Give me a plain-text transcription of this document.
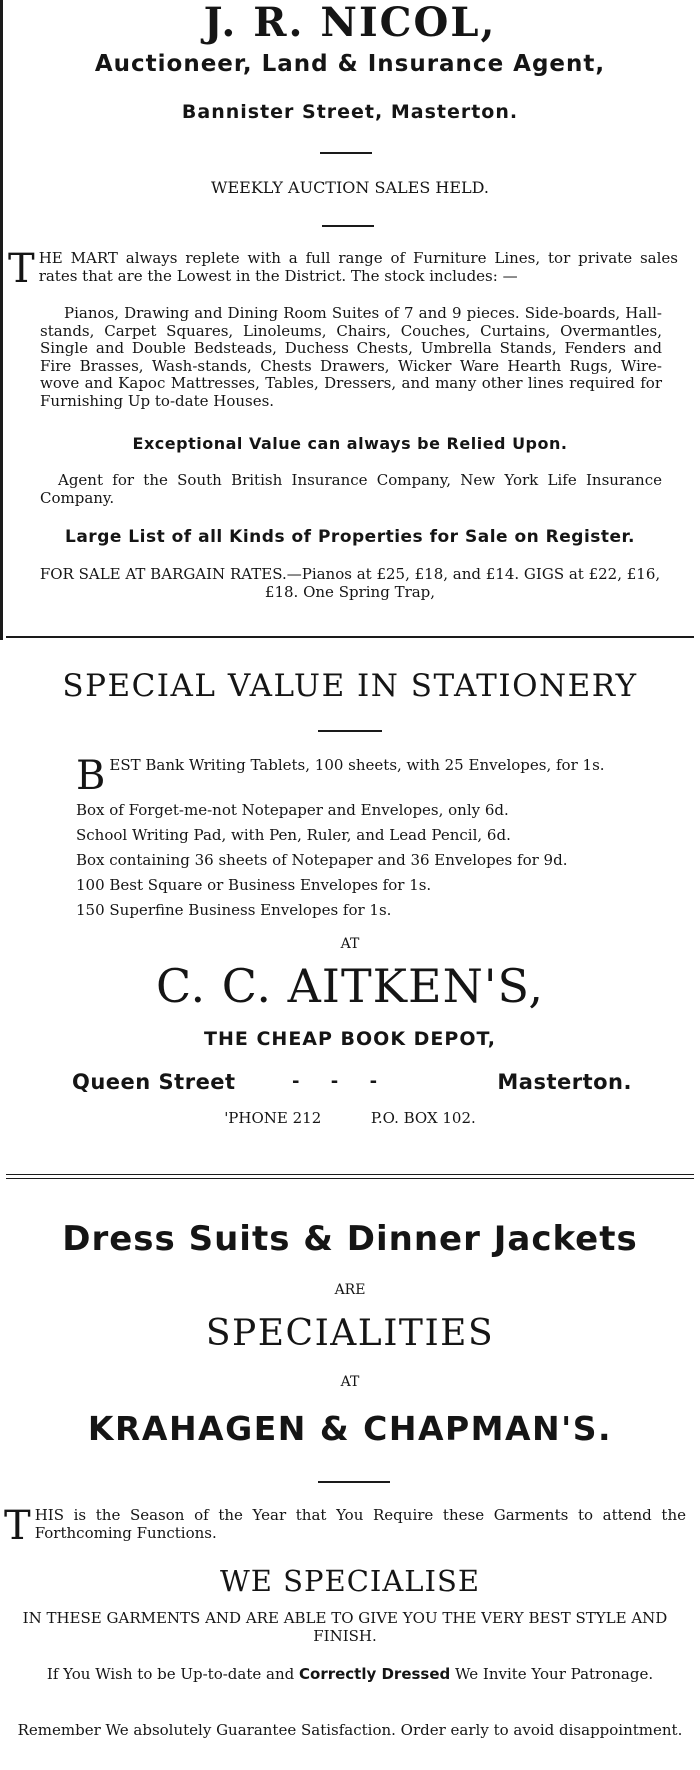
J. R. NICOL,
Auctioneer, Land & Insurance Agent,
Bannister Street, Masterton.
WEEKLY AUCTION SALES HELD.
THE MART always replete with a full range of Furniture Lines, tor private sales rates that are the Lowest in the District. The stock includes: —
Pianos, Drawing and Dining Room Suites of 7 and 9 pieces. Side-boards, Hall-stands, Carpet Squares, Linoleums, Chairs, Couches, Curtains, Overmantles, Single and Double Bedsteads, Duchess Chests, Umbrella Stands, Fenders and Fire Brasses, Wash-stands, Chests Drawers, Wicker Ware Hearth Rugs, Wire-wove and Kapoc Mattresses, Tables, Dressers, and many other lines required for Furnishing Up to-date Houses.
Exceptional Value can always be Relied Upon.
Agent for the South British Insurance Company, New York Life Insurance Company.
Large List of all Kinds of Properties for Sale on Register.
FOR SALE AT BARGAIN RATES.—Pianos at £25, £18, and £14. GIGS at £22, £16, £18. One Spring Trap,
SPECIAL VALUE IN STATIONERY
BEST Bank Writing Tablets, 100 sheets, with 25 Envelopes, for 1s.
Box of Forget-me-not Notepaper and Envelopes, only 6d.
School Writing Pad, with Pen, Ruler, and Lead Pencil, 6d.
Box containing 36 sheets of Notepaper and 36 Envelopes for 9d.
100 Best Square or Business Envelopes for 1s.
150 Superfine Business Envelopes for 1s.
AT
C. C. AITKEN'S,
THE CHEAP BOOK DEPOT,
Queen Street	-     -     -	Masterton.
'PHONE 212	P.O. BOX 102.
Dress Suits & Dinner Jackets
ARE
SPECIALITIES
AT
KRAHAGEN & CHAPMAN'S.
THIS is the Season of the Year that You Require these Garments to attend the Forthcoming Functions.
WE SPECIALISE
IN THESE GARMENTS AND ARE ABLE TO GIVE YOU THE VERY BEST STYLE AND FINISH.
If You Wish to be Up-to-date and Correctly Dressed We Invite Your Patronage.
Remember We absolutely Guarantee Satisfaction. Order early to avoid disappointment.
